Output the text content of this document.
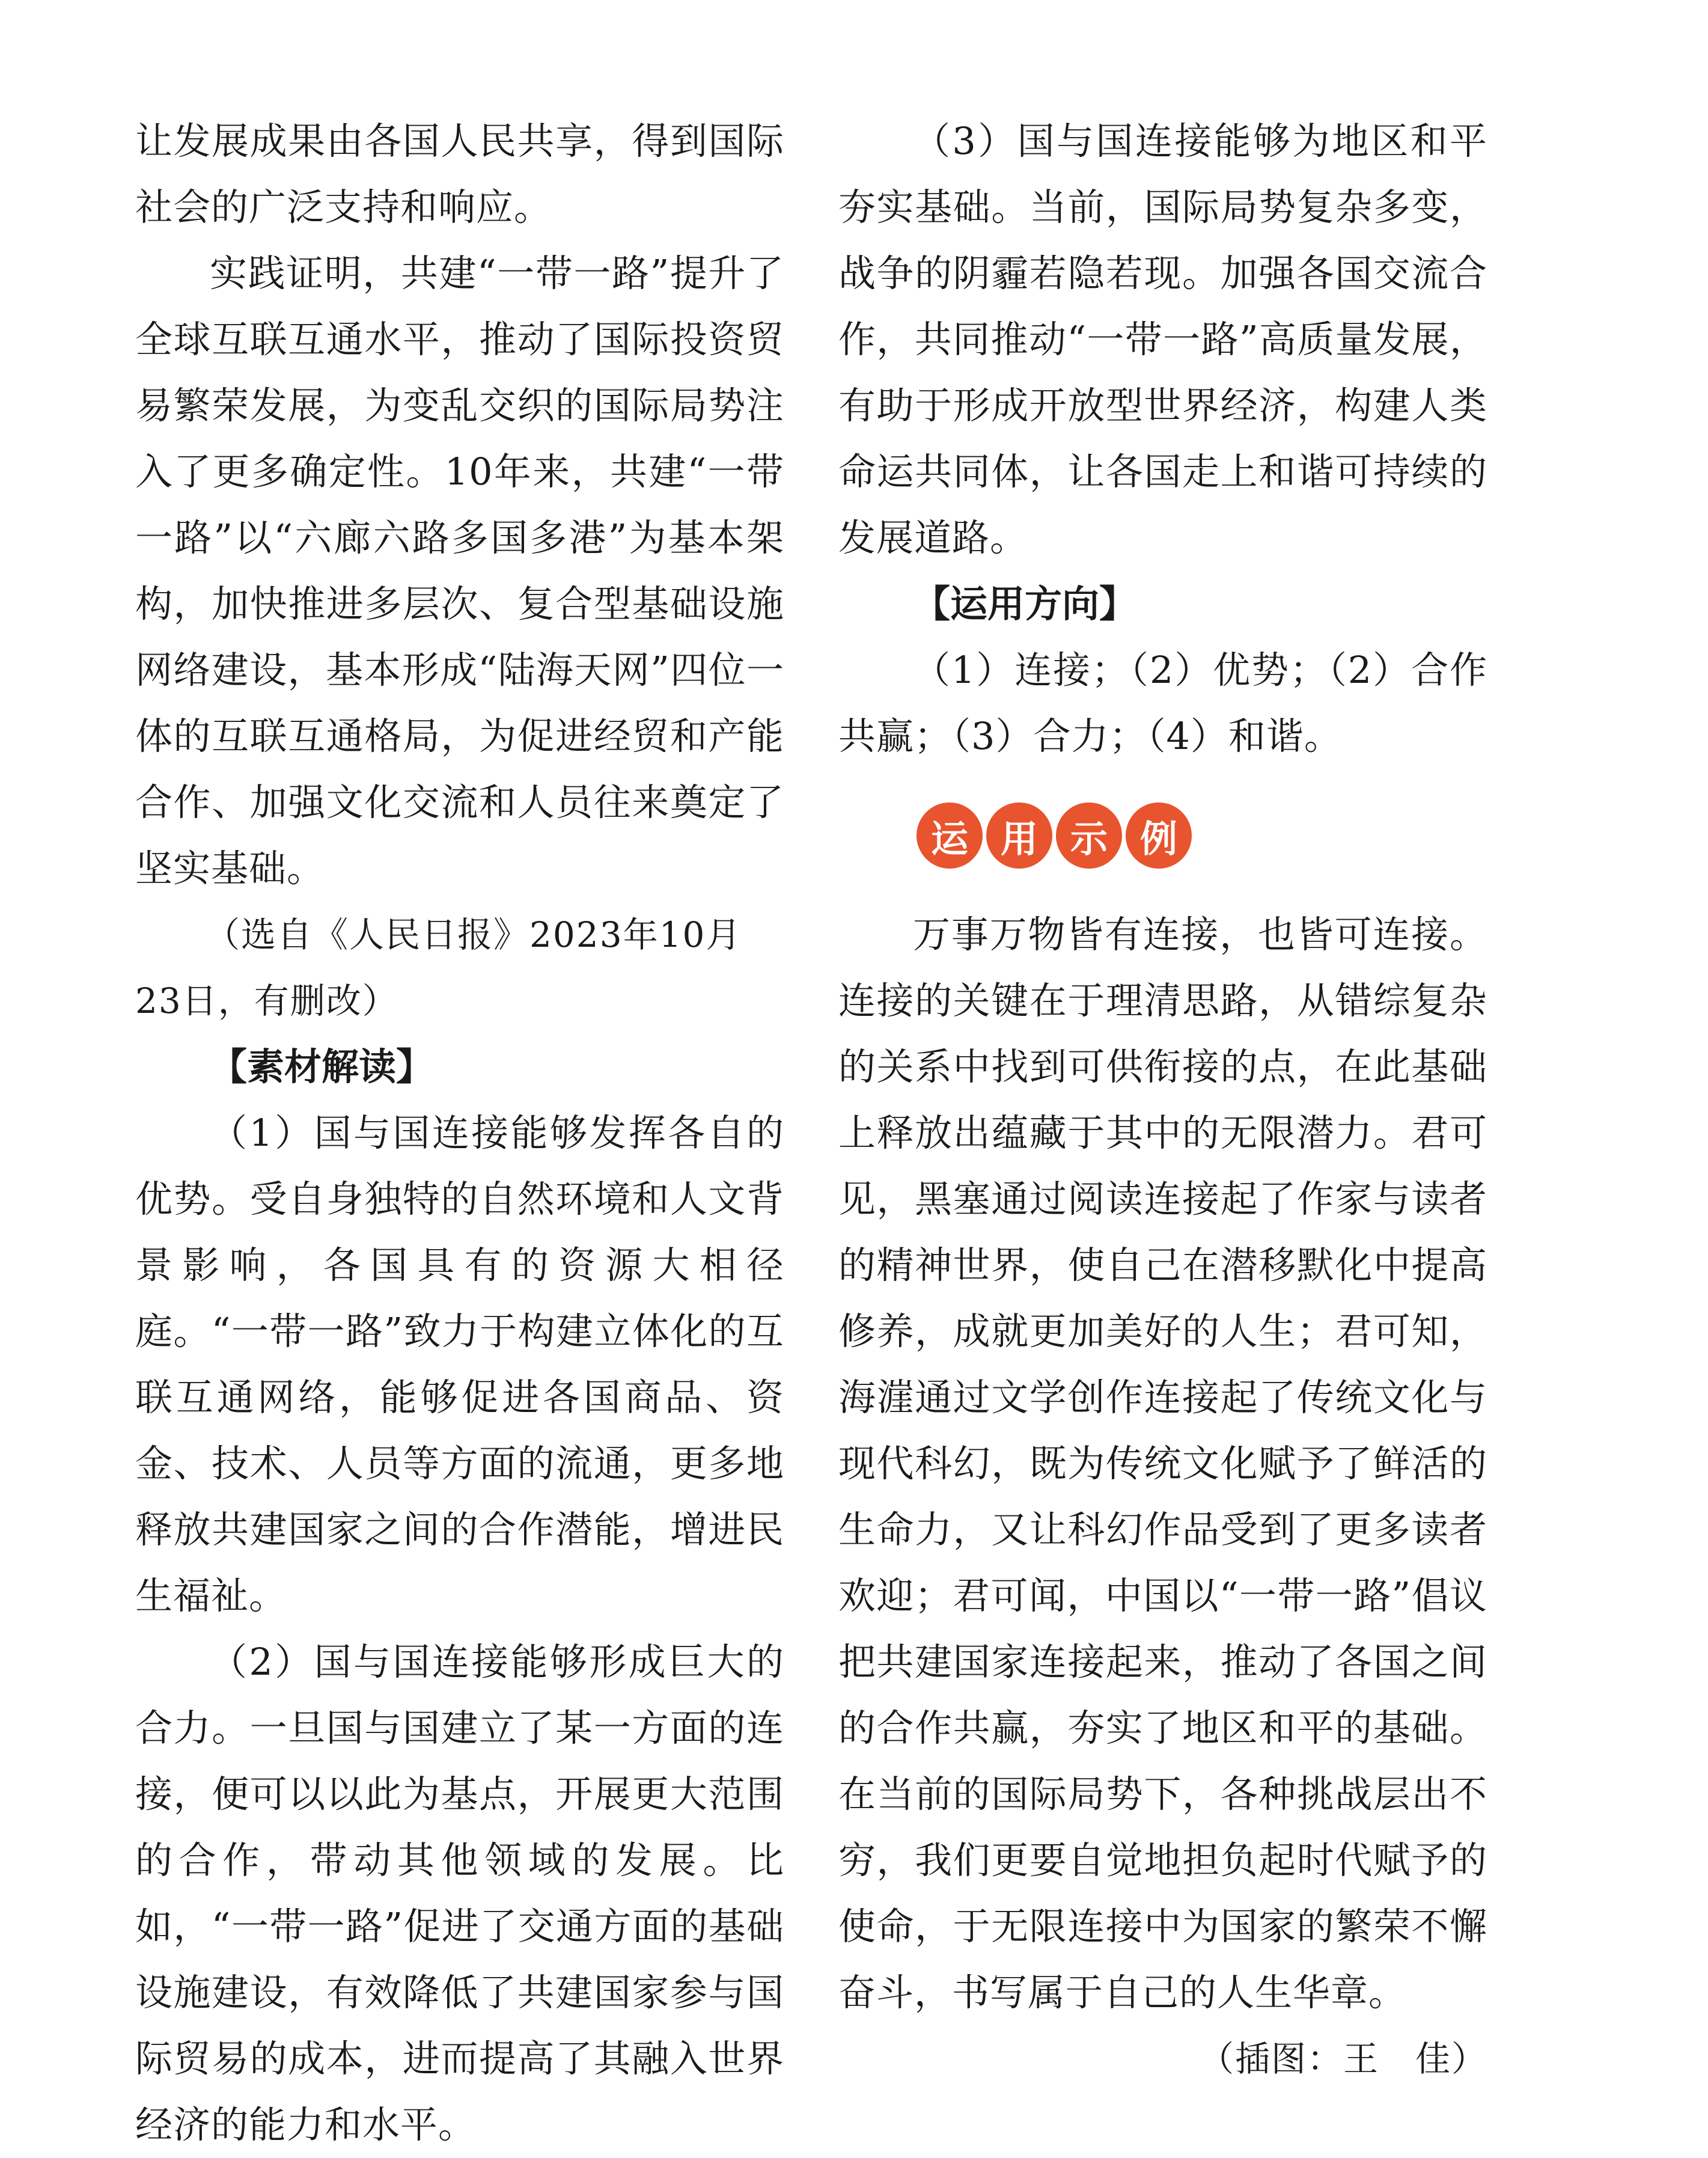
让发展成果由各国人民共享，得到国际社会的广泛支持和响应。

实践证明，共建“一带一路”提升了全球互联互通水平，推动了国际投资贸易繁荣发展，为变乱交织的国际局势注入了更多确定性。10年来，共建“一带一路”以“六廊六路多国多港”为基本架构，加快推进多层次、复合型基础设施网络建设，基本形成“陆海天网”四位一体的互联互通格局，为促进经贸和产能合作、加强文化交流和人员往来奠定了坚实基础。

（选自《人民日报》2023年10月23日，有删改）

【素材解读】

（1）国与国连接能够发挥各自的优势。受自身独特的自然环境和人文背景影响，各国具有的资源大相径庭。“一带一路”致力于构建立体化的互联互通网络，能够促进各国商品、资金、技术、人员等方面的流通，更多地释放共建国家之间的合作潜能，增进民生福祉。

（2）国与国连接能够形成巨大的合力。一旦国与国建立了某一方面的连接，便可以以此为基点，开展更大范围的合作，带动其他领域的发展。比如，“一带一路”促进了交通方面的基础设施建设，有效降低了共建国家参与国际贸易的成本，进而提高了其融入世界经济的能力和水平。

（3）国与国连接能够为地区和平夯实基础。当前，国际局势复杂多变，战争的阴霾若隐若现。加强各国交流合作，共同推动“一带一路”高质量发展，有助于形成开放型世界经济，构建人类命运共同体，让各国走上和谐可持续的发展道路。

【运用方向】

（1）连接；（2）优势；（2）合作共赢；（3）合力；（4）和谐。

运 用 示 例

万事万物皆有连接，也皆可连接。连接的关键在于理清思路，从错综复杂的关系中找到可供衔接的点，在此基础上释放出蕴藏于其中的无限潜力。君可见，黑塞通过阅读连接起了作家与读者的精神世界，使自己在潜移默化中提高修养，成就更加美好的人生；君可知，海漄通过文学创作连接起了传统文化与现代科幻，既为传统文化赋予了鲜活的生命力，又让科幻作品受到了更多读者欢迎；君可闻，中国以“一带一路”倡议把共建国家连接起来，推动了各国之间的合作共赢，夯实了地区和平的基础。在当前的国际局势下，各种挑战层出不穷，我们更要自觉地担负起时代赋予的使命，于无限连接中为国家的繁荣不懈奋斗，书写属于自己的人生华章。

（插图：王　佳）
